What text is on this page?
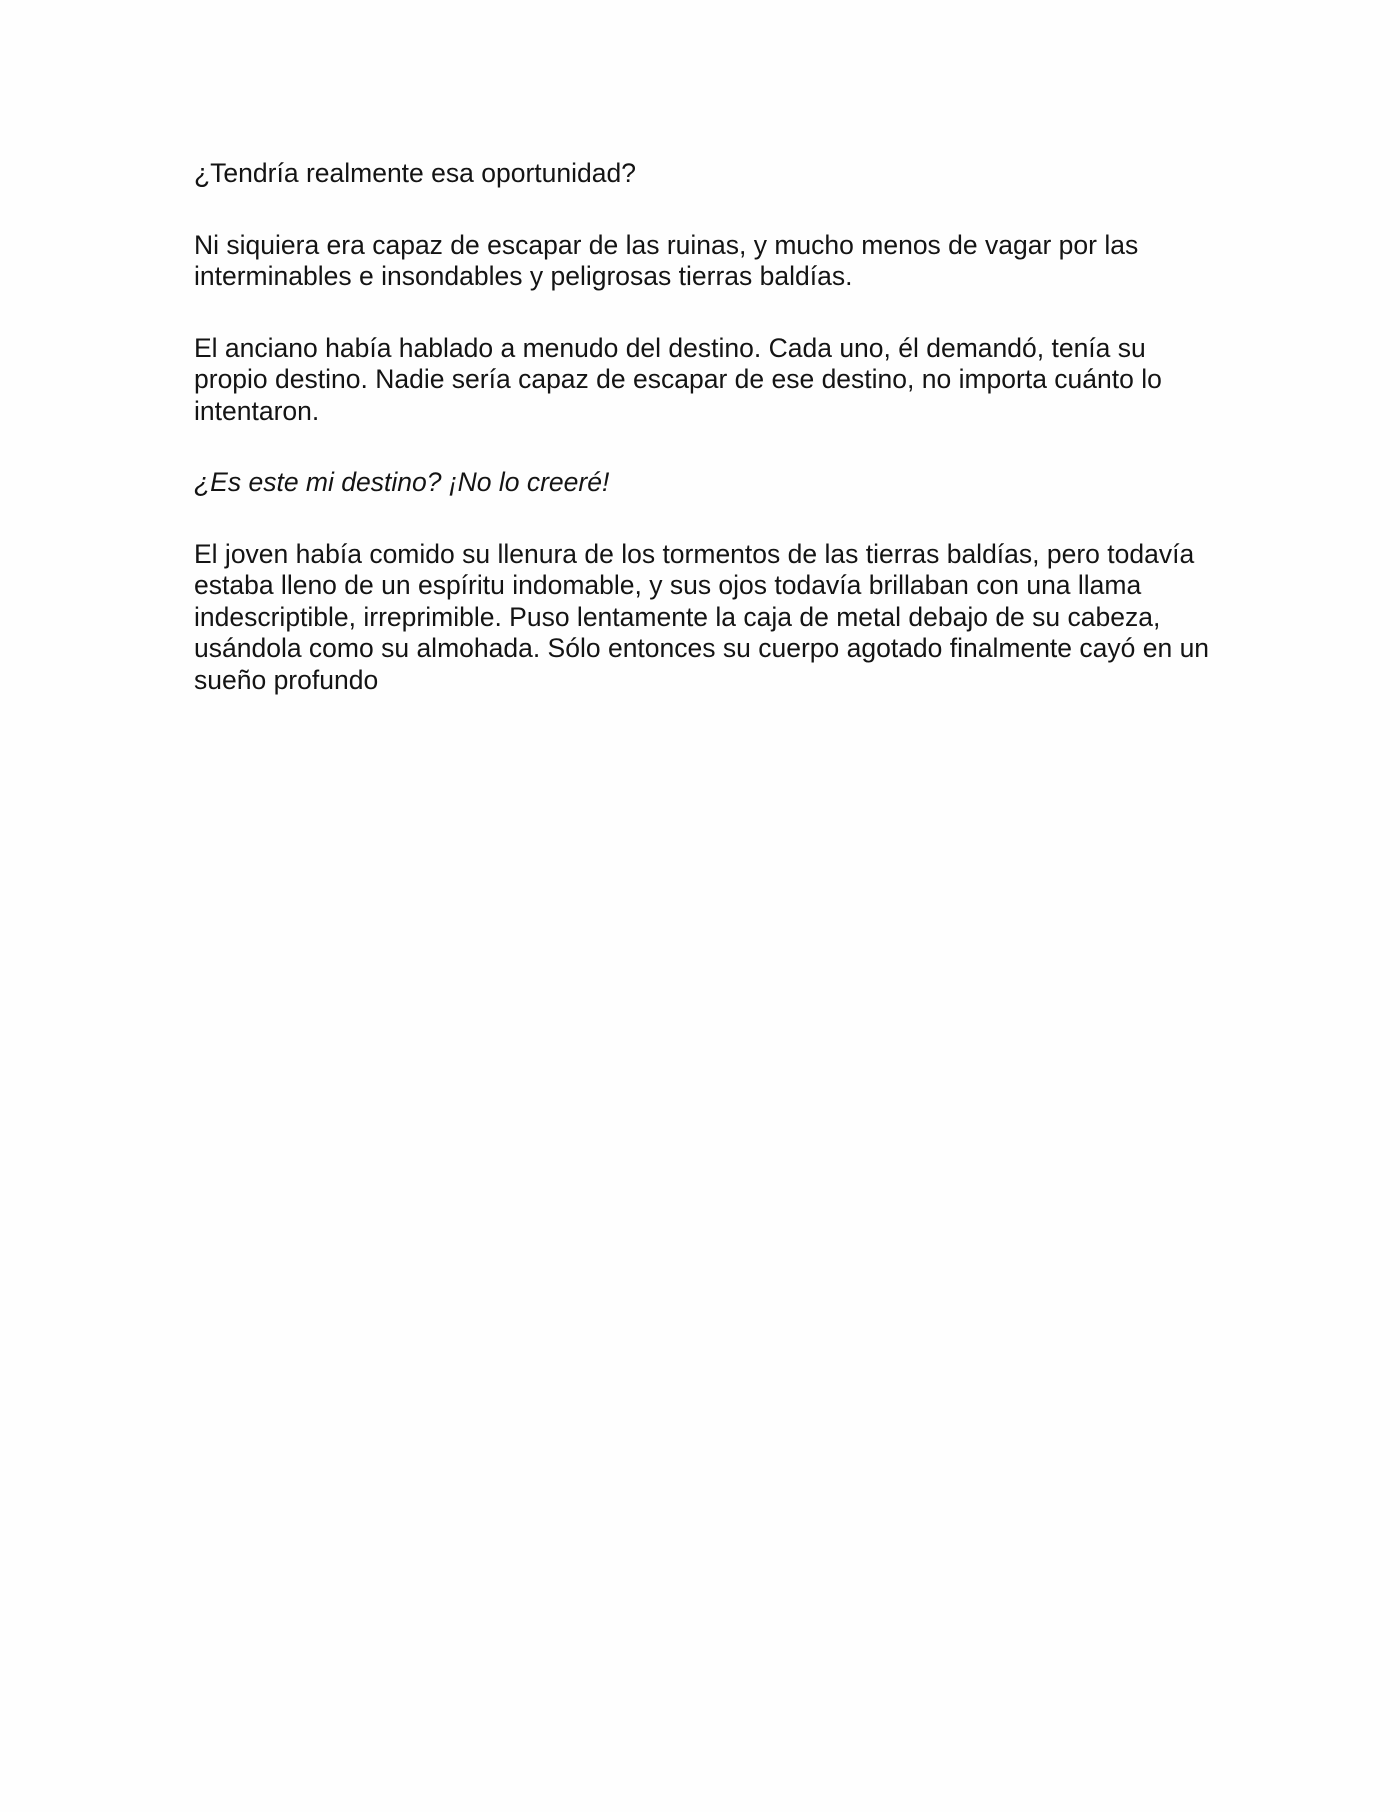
¿Tendría realmente esa oportunidad?

Ni siquiera era capaz de escapar de las ruinas, y mucho menos de vagar por las interminables e insondables y peligrosas tierras baldías.

El anciano había hablado a menudo del destino. Cada uno, él demandó, tenía su propio destino. Nadie sería capaz de escapar de ese destino, no importa cuánto lo intentaron.

¿Es este mi destino? ¡No lo creeré!

El joven había comido su llenura de los tormentos de las tierras baldías, pero todavía estaba lleno de un espíritu indomable, y sus ojos todavía brillaban con una llama indescriptible, irreprimible. Puso lentamente la caja de metal debajo de su cabeza, usándola como su almohada. Sólo entonces su cuerpo agotado finalmente cayó en un sueño profundo
